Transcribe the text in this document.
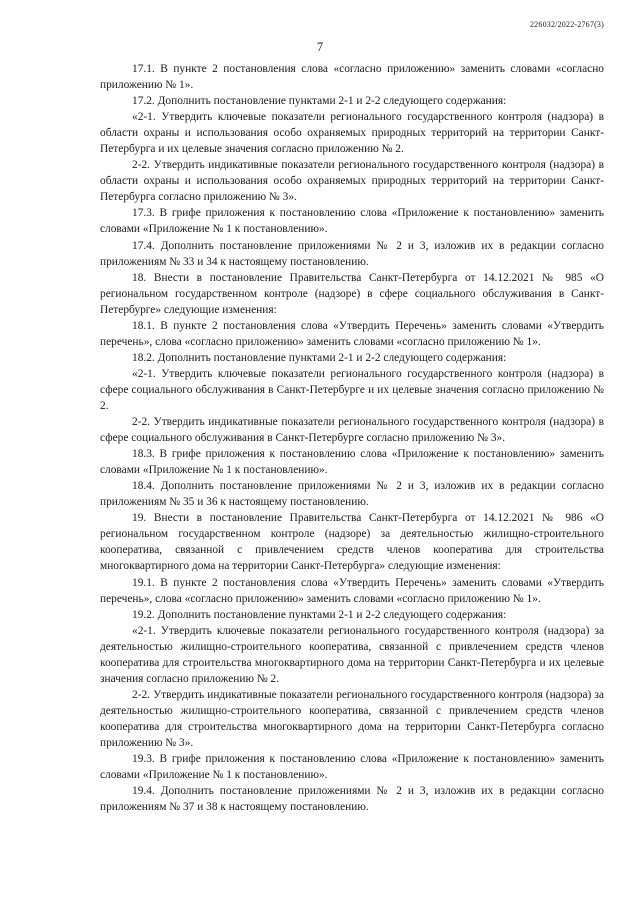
226032/2022-2767(3)
7

17.1. В пункте 2 постановления слова «согласно приложению» заменить словами «согласно приложению № 1».

17.2. Дополнить постановление пунктами 2-1 и 2-2 следующего содержания:

«2-1. Утвердить ключевые показатели регионального государственного контроля (надзора) в области охраны и использования особо охраняемых природных территорий на территории Санкт-Петербурга и их целевые значения согласно приложению № 2.

2-2. Утвердить индикативные показатели регионального государственного контроля (надзора) в области охраны и использования особо охраняемых природных территорий на территории Санкт-Петербурга согласно приложению № 3».

17.3. В грифе приложения к постановлению слова «Приложение к постановлению» заменить словами «Приложение № 1 к постановлению».

17.4. Дополнить постановление приложениями № 2 и 3, изложив их в редакции согласно приложениям № 33 и 34 к настоящему постановлению.

18. Внести в постановление Правительства Санкт-Петербурга от 14.12.2021 № 985 «О региональном государственном контроле (надзоре) в сфере социального обслуживания в Санкт-Петербурге» следующие изменения:

18.1. В пункте 2 постановления слова «Утвердить Перечень» заменить словами «Утвердить перечень», слова «согласно приложению» заменить словами «согласно приложению № 1».

18.2. Дополнить постановление пунктами 2-1 и 2-2 следующего содержания:

«2-1. Утвердить ключевые показатели регионального государственного контроля (надзора) в сфере социального обслуживания в Санкт-Петербурге и их целевые значения согласно приложению № 2.

2-2. Утвердить индикативные показатели регионального государственного контроля (надзора) в сфере социального обслуживания в Санкт-Петербурге согласно приложению № 3».

18.3. В грифе приложения к постановлению слова «Приложение к постановлению» заменить словами «Приложение № 1 к постановлению».

18.4. Дополнить постановление приложениями № 2 и 3, изложив их в редакции согласно приложениям № 35 и 36 к настоящему постановлению.

19. Внести в постановление Правительства Санкт-Петербурга от 14.12.2021 № 986 «О региональном государственном контроле (надзоре) за деятельностью жилищно-строительного кооператива, связанной с привлечением средств членов кооператива для строительства многоквартирного дома на территории Санкт-Петербурга» следующие изменения:

19.1. В пункте 2 постановления слова «Утвердить Перечень» заменить словами «Утвердить перечень», слова «согласно приложению» заменить словами «согласно приложению № 1».

19.2. Дополнить постановление пунктами 2-1 и 2-2 следующего содержания:

«2-1. Утвердить ключевые показатели регионального государственного контроля (надзора) за деятельностью жилищно-строительного кооператива, связанной с привлечением средств членов кооператива для строительства многоквартирного дома на территории Санкт-Петербурга и их целевые значения согласно приложению № 2.

2-2. Утвердить индикативные показатели регионального государственного контроля (надзора) за деятельностью жилищно-строительного кооператива, связанной с привлечением средств членов кооператива для строительства многоквартирного дома на территории Санкт-Петербурга согласно приложению № 3».

19.3. В грифе приложения к постановлению слова «Приложение к постановлению» заменить словами «Приложение № 1 к постановлению».

19.4. Дополнить постановление приложениями № 2 и 3, изложив их в редакции согласно приложениям № 37 и 38 к настоящему постановлению.
